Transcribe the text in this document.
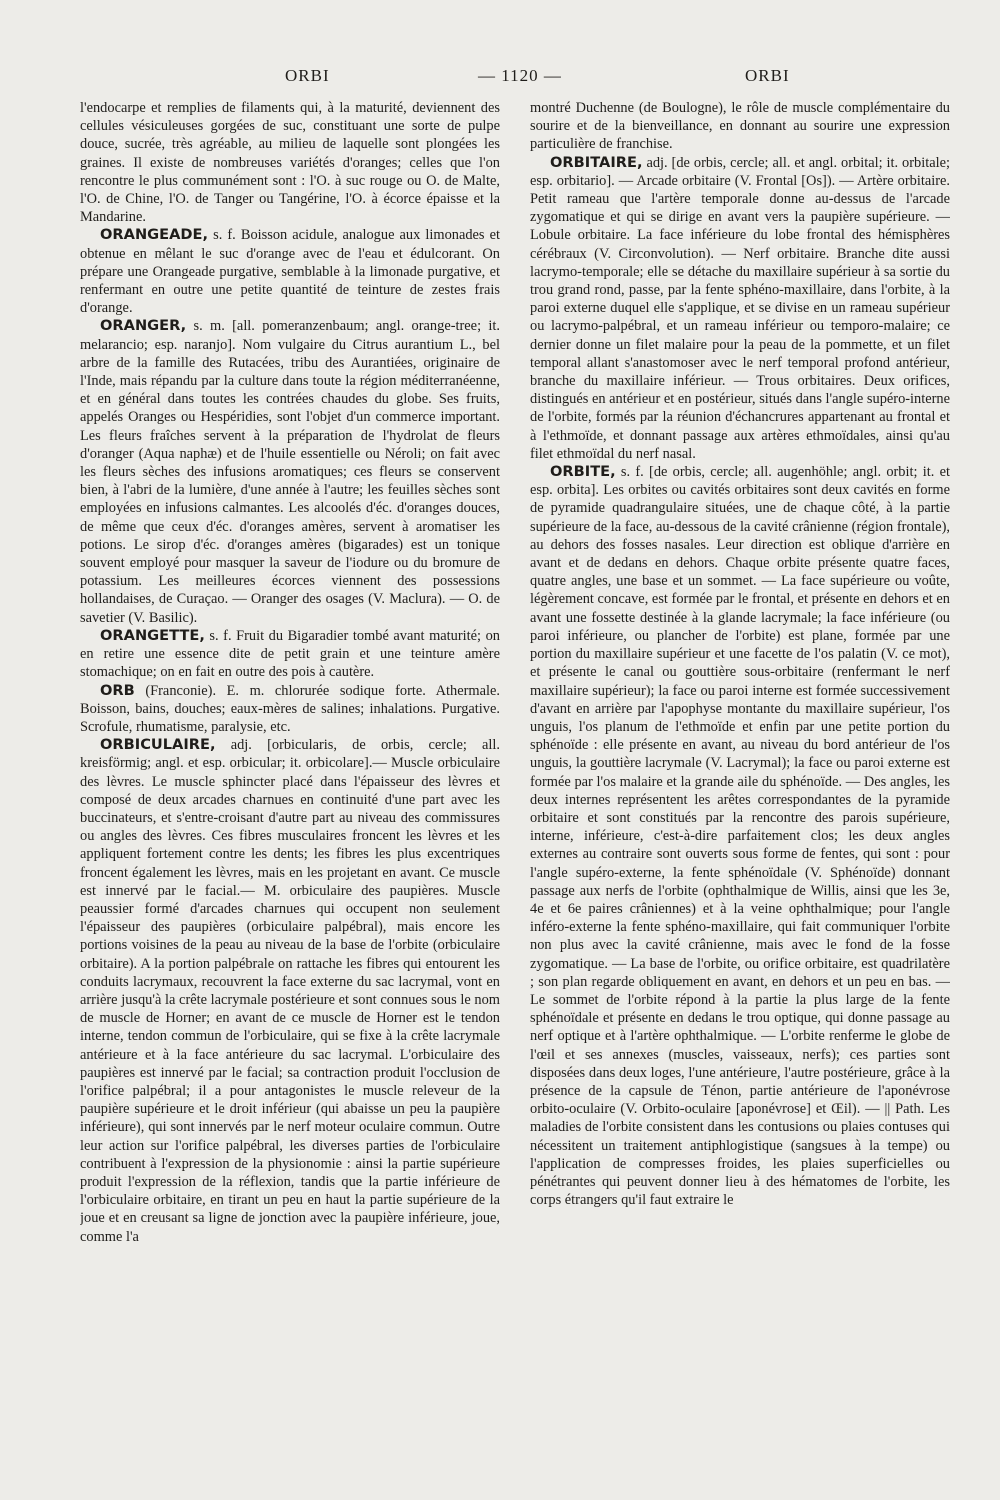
ORBI	— 1120 —	ORBI

l'endocarpe et remplies de filaments qui, à la maturité, deviennent des cellules vésiculeuses gorgées de suc, constituant une sorte de pulpe douce, sucrée, très agréable, au milieu de laquelle sont plongées les graines. Il existe de nombreuses variétés d'oranges; celles que l'on rencontre le plus communément sont : l'O. à suc rouge ou O. de Malte, l'O. de Chine, l'O. de Tanger ou Tangérine, l'O. à écorce épaisse et la Mandarine.

ORANGEADE, s. f. Boisson acidule, analogue aux limonades et obtenue en mêlant le suc d'orange avec de l'eau et édulcorant. On prépare une Orangeade purgative, semblable à la limonade purgative, et renfermant en outre une petite quantité de teinture de zestes frais d'orange.

ORANGER, s. m. [all. pomeranzenbaum; angl. orange-tree; it. melarancio; esp. naranjo]. Nom vulgaire du Citrus aurantium L., bel arbre de la famille des Rutacées, tribu des Aurantiées, originaire de l'Inde, mais répandu par la culture dans toute la région méditerranéenne, et en général dans toutes les contrées chaudes du globe. Ses fruits, appelés Oranges ou Hespéridies, sont l'objet d'un commerce important. Les fleurs fraîches servent à la préparation de l'hydrolat de fleurs d'oranger (Aqua naphæ) et de l'huile essentielle ou Néroli; on fait avec les fleurs sèches des infusions aromatiques; ces fleurs se conservent bien, à l'abri de la lumière, d'une année à l'autre; les feuilles sèches sont employées en infusions calmantes. Les alcoolés d'éc. d'oranges douces, de même que ceux d'éc. d'oranges amères, servent à aromatiser les potions. Le sirop d'éc. d'oranges amères (bigarades) est un tonique souvent employé pour masquer la saveur de l'iodure ou du bromure de potassium. Les meilleures écorces viennent des possessions hollandaises, de Curaçao. — Oranger des osages (V. Maclura). — O. de savetier (V. Basilic).

ORANGETTE, s. f. Fruit du Bigaradier tombé avant maturité; on en retire une essence dite de petit grain et une teinture amère stomachique; on en fait en outre des pois à cautère.

ORB (Franconie). E. m. chlorurée sodique forte. Athermale. Boisson, bains, douches; eaux-mères de salines; inhalations. Purgative. Scrofule, rhumatisme, paralysie, etc.

ORBICULAIRE, adj. [orbicularis, de orbis, cercle; all. kreisförmig; angl. et esp. orbicular; it. orbicolare].— Muscle orbiculaire des lèvres. Le muscle sphincter placé dans l'épaisseur des lèvres et composé de deux arcades charnues en continuité d'une part avec les buccinateurs, et s'entre-croisant d'autre part au niveau des commissures ou angles des lèvres. Ces fibres musculaires froncent les lèvres et les appliquent fortement contre les dents; les fibres les plus excentriques froncent également les lèvres, mais en les projetant en avant. Ce muscle est innervé par le facial.— M. orbiculaire des paupières. Muscle peaussier formé d'arcades charnues qui occupent non seulement l'épaisseur des paupières (orbiculaire palpébral), mais encore les portions voisines de la peau au niveau de la base de l'orbite (orbiculaire orbitaire). A la portion palpébrale on rattache les fibres qui entourent les conduits lacrymaux, recouvrent la face externe du sac lacrymal, vont en arrière jusqu'à la crête lacrymale postérieure et sont connues sous le nom de muscle de Horner; en avant de ce muscle de Horner est le tendon interne, tendon commun de l'orbiculaire, qui se fixe à la crête lacrymale antérieure et à la face antérieure du sac lacrymal. L'orbiculaire des paupières est innervé par le facial; sa contraction produit l'occlusion de l'orifice palpébral; il a pour antagonistes le muscle releveur de la paupière supérieure et le droit inférieur (qui abaisse un peu la paupière inférieure), qui sont innervés par le nerf moteur oculaire commun. Outre leur action sur l'orifice palpébral, les diverses parties de l'orbiculaire contribuent à l'expression de la physionomie : ainsi la partie supérieure produit l'expression de la réflexion, tandis que la partie inférieure de l'orbiculaire orbitaire, en tirant un peu en haut la partie supérieure de la joue et en creusant sa ligne de jonction avec la paupière inférieure, joue, comme l'a

montré Duchenne (de Boulogne), le rôle de muscle complémentaire du sourire et de la bienveillance, en donnant au sourire une expression particulière de franchise.

ORBITAIRE, adj. [de orbis, cercle; all. et angl. orbital; it. orbitale; esp. orbitario]. — Arcade orbitaire (V. Frontal [Os]). — Artère orbitaire. Petit rameau que l'artère temporale donne au-dessus de l'arcade zygomatique et qui se dirige en avant vers la paupière supérieure. — Lobule orbitaire. La face inférieure du lobe frontal des hémisphères cérébraux (V. Circonvolution). — Nerf orbitaire. Branche dite aussi lacrymo-temporale; elle se détache du maxillaire supérieur à sa sortie du trou grand rond, passe, par la fente sphéno-maxillaire, dans l'orbite, à la paroi externe duquel elle s'applique, et se divise en un rameau supérieur ou lacrymo-palpébral, et un rameau inférieur ou temporo-malaire; ce dernier donne un filet malaire pour la peau de la pommette, et un filet temporal allant s'anastomoser avec le nerf temporal profond antérieur, branche du maxillaire inférieur. — Trous orbitaires. Deux orifices, distingués en antérieur et en postérieur, situés dans l'angle supéro-interne de l'orbite, formés par la réunion d'échancrures appartenant au frontal et à l'ethmoïde, et donnant passage aux artères ethmoïdales, ainsi qu'au filet ethmoïdal du nerf nasal.

ORBITE, s. f. [de orbis, cercle; all. augenhöhle; angl. orbit; it. et esp. orbita]. Les orbites ou cavités orbitaires sont deux cavités en forme de pyramide quadrangulaire situées, une de chaque côté, à la partie supérieure de la face, au-dessous de la cavité crânienne (région frontale), au dehors des fosses nasales. Leur direction est oblique d'arrière en avant et de dedans en dehors. Chaque orbite présente quatre faces, quatre angles, une base et un sommet. — La face supérieure ou voûte, légèrement concave, est formée par le frontal, et présente en dehors et en avant une fossette destinée à la glande lacrymale; la face inférieure (ou paroi inférieure, ou plancher de l'orbite) est plane, formée par une portion du maxillaire supérieur et une facette de l'os palatin (V. ce mot), et présente le canal ou gouttière sous-orbitaire (renfermant le nerf maxillaire supérieur); la face ou paroi interne est formée successivement d'avant en arrière par l'apophyse montante du maxillaire supérieur, l'os unguis, l'os planum de l'ethmoïde et enfin par une petite portion du sphénoïde : elle présente en avant, au niveau du bord antérieur de l'os unguis, la gouttière lacrymale (V. Lacrymal); la face ou paroi externe est formée par l'os malaire et la grande aile du sphénoïde. — Des angles, les deux internes représentent les arêtes correspondantes de la pyramide orbitaire et sont constitués par la rencontre des parois supérieure, interne, inférieure, c'est-à-dire parfaitement clos; les deux angles externes au contraire sont ouverts sous forme de fentes, qui sont : pour l'angle supéro-externe, la fente sphénoïdale (V. Sphénoïde) donnant passage aux nerfs de l'orbite (ophthalmique de Willis, ainsi que les 3e, 4e et 6e paires crâniennes) et à la veine ophthalmique; pour l'angle inféro-externe la fente sphéno-maxillaire, qui fait communiquer l'orbite non plus avec la cavité crânienne, mais avec le fond de la fosse zygomatique. — La base de l'orbite, ou orifice orbitaire, est quadrilatère ; son plan regarde obliquement en avant, en dehors et un peu en bas. — Le sommet de l'orbite répond à la partie la plus large de la fente sphénoïdale et présente en dedans le trou optique, qui donne passage au nerf optique et à l'artère ophthalmique. — L'orbite renferme le globe de l'œil et ses annexes (muscles, vaisseaux, nerfs); ces parties sont disposées dans deux loges, l'une antérieure, l'autre postérieure, grâce à la présence de la capsule de Ténon, partie antérieure de l'aponévrose orbito-oculaire (V. Orbito-oculaire [aponévrose] et Œil). — || Path. Les maladies de l'orbite consistent dans les contusions ou plaies contuses qui nécessitent un traitement antiphlogistique (sangsues à la tempe) ou l'application de compresses froides, les plaies superficielles ou pénétrantes qui peuvent donner lieu à des hématomes de l'orbite, les corps étrangers qu'il faut extraire le
